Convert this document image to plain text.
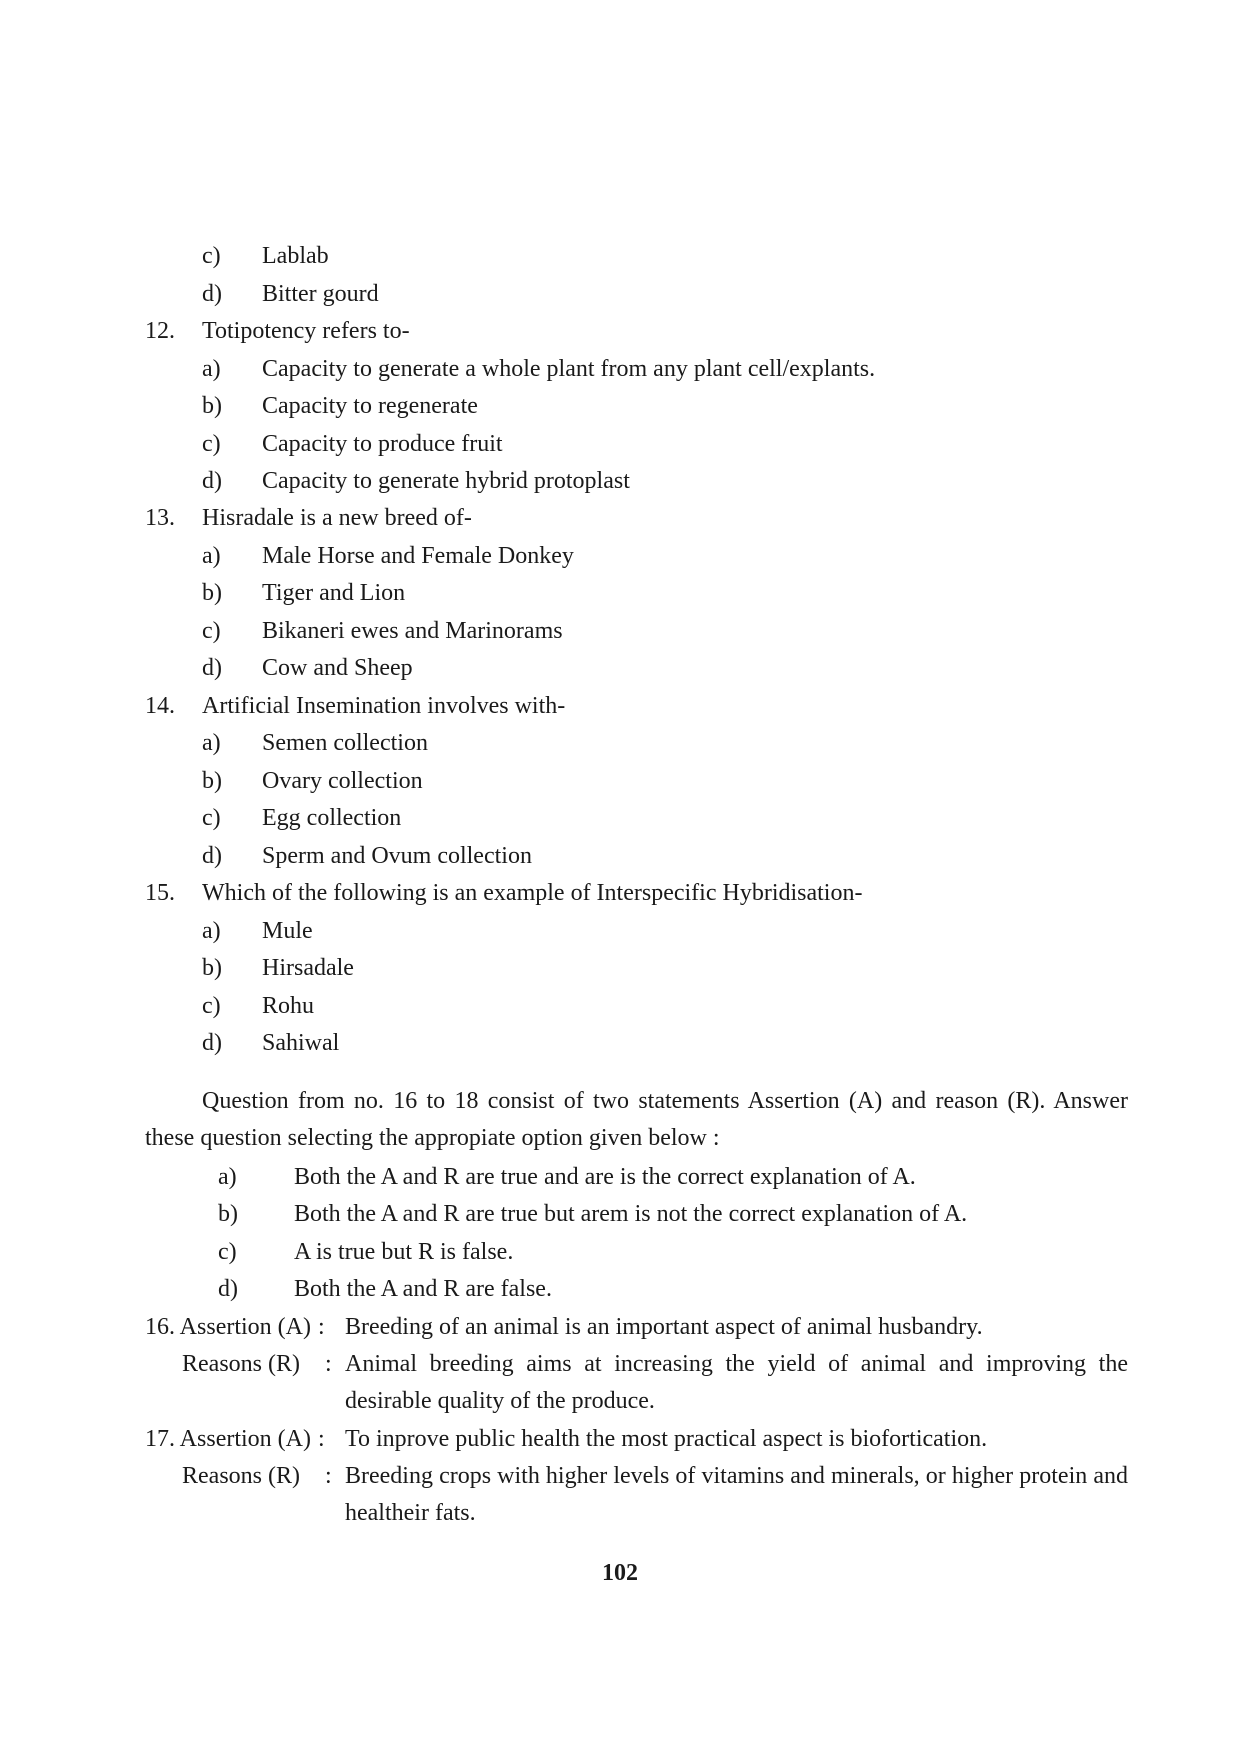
c) Lablab
d) Bitter gourd
12. Totipotency refers to-
a) Capacity to generate a whole plant from any plant cell/explants.
b) Capacity to regenerate
c) Capacity to produce fruit
d) Capacity to generate hybrid protoplast
13. Hisradale is a new breed of-
a) Male Horse and Female Donkey
b) Tiger and Lion
c) Bikaneri ewes and Marinorams
d) Cow and Sheep
14. Artificial Insemination involves with-
a) Semen collection
b) Ovary collection
c) Egg collection
d) Sperm and Ovum collection
15. Which of the following is an example of Interspecific Hybridisation-
a) Mule
b) Hirsadale
c) Rohu
d) Sahiwal
Question from no. 16 to 18 consist of two statements Assertion (A) and reason (R). Answer these question selecting the appropiate option given below :
a) Both the A and R are true and are is the correct explanation of A.
b) Both the A and R are true but arem is not the correct explanation of A.
c) A is true but R is false.
d) Both the A and R are false.
16. Assertion (A) : Breeding of an animal is an important aspect of animal husbandry.
Reasons (R) : Animal breeding aims at increasing the yield of animal and improving the desirable quality of the produce.
17. Assertion (A) : To inprove public health the most practical aspect is biofortication.
Reasons (R) : Breeding crops with higher levels of vitamins and minerals, or higher protein and healtheir fats.
102
